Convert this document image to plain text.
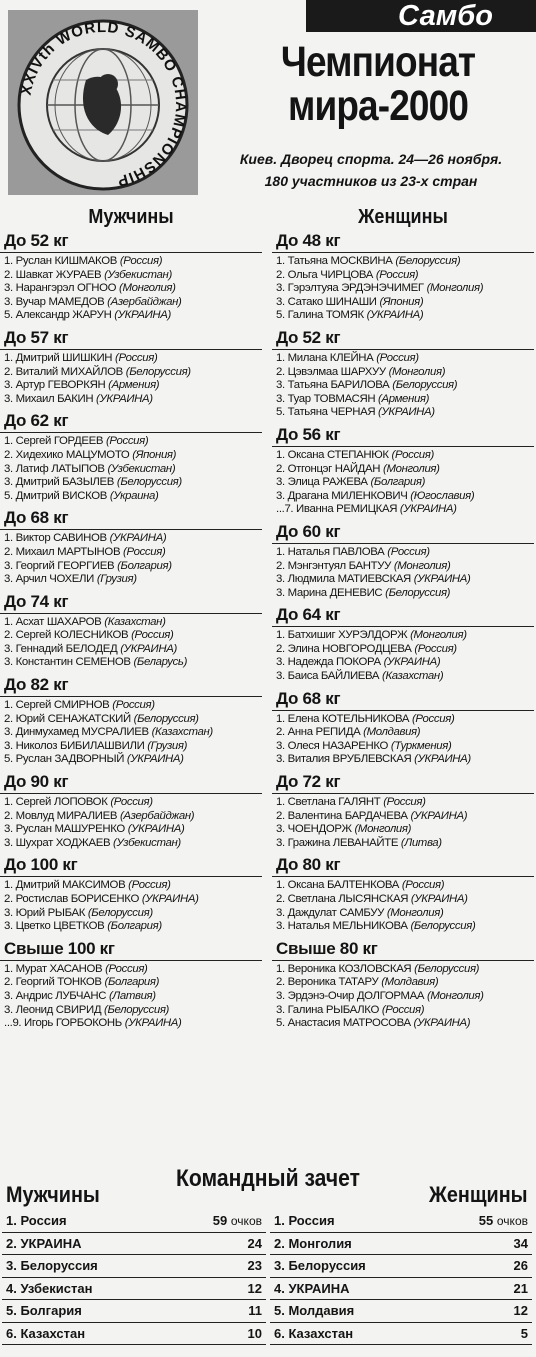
Самбо
XXIVth WORLD SAMBO CHAMPIONSHIP
Чемпионат
мира-2000
Киев. Дворец спорта. 24—26 ноября.
180 участников из 23-х стран
Мужчины
До 52 кг
1. Руслан КИШМАКОВ (Россия)
2. Шавкат ЖУРАЕВ (Узбекистан)
3. Нарангэрэл ОГНОО (Монголия)
3. Вучар МАМЕДОВ (Азербайджан)
5. Александр ЖАРУН (УКРАИНА)
До 57 кг
1. Дмитрий ШИШКИН (Россия)
2. Виталий МИХАЙЛОВ (Белоруссия)
3. Артур ГЕВОРКЯН (Армения)
3. Михаил БАКИН (УКРАИНА)
До 62 кг
1. Сергей ГОРДЕЕВ (Россия)
2. Хидехико МАЦУМОТО (Япония)
3. Латиф ЛАТЫПОВ (Узбекистан)
3. Дмитрий БАЗЫЛЕВ (Белоруссия)
5. Дмитрий ВИСКОВ (Украина)
До 68 кг
1. Виктор САВИНОВ (УКРАИНА)
2. Михаил МАРТЫНОВ (Россия)
3. Георгий ГЕОРГИЕВ (Болгария)
3. Арчил ЧОХЕЛИ (Грузия)
До 74 кг
1. Асхат ШАХАРОВ (Казахстан)
2. Сергей КОЛЕСНИКОВ (Россия)
3. Геннадий БЕЛОДЕД (УКРАИНА)
3. Константин СЕМЕНОВ (Беларусь)
До 82 кг
1. Сергей СМИРНОВ (Россия)
2. Юрий СЕНАЖАТСКИЙ (Белоруссия)
3. Динмухамед МУСРАЛИЕВ (Казахстан)
3. Николоз БИБИЛАШВИЛИ (Грузия)
5. Руслан ЗАДВОРНЫЙ (УКРАИНА)
До 90 кг
1. Сергей ЛОПОВОК (Россия)
2. Мовлуд МИРАЛИЕВ (Азербайджан)
3. Руслан МАШУРЕНКО (УКРАИНА)
3. Шухрат ХОДЖАЕВ (Узбекистан)
До 100 кг
1. Дмитрий МАКСИМОВ (Россия)
2. Ростислав БОРИСЕНКО (УКРАИНА)
3. Юрий РЫБАК (Белоруссия)
3. Цветко ЦВЕТКОВ (Болгария)
Свыше 100 кг
1. Мурат ХАСАНОВ (Россия)
2. Георгий ТОНКОВ (Болгария)
3. Андрис ЛУБЧАНС (Латвия)
3. Леонид СВИРИД (Белоруссия)
...9. Игорь ГОРБОКОНЬ (УКРАИНА)
Женщины
До 48 кг
1. Татьяна МОСКВИНА (Белоруссия)
2. Ольга ЧИРЦОВА (Россия)
3. Гэрэлтуяа ЭРДЭНЭЧИМЕГ (Монголия)
3. Сатако ШИНАШИ (Япония)
5. Галина ТОМЯК (УКРАИНА)
До 52 кг
1. Милана КЛЕЙНА (Россия)
2. Цэвэлмаа ШАРХУУ (Монголия)
3. Татьяна БАРИЛОВА (Белоруссия)
3. Туар ТОВМАСЯН (Армения)
5. Татьяна ЧЕРНАЯ (УКРАИНА)
До 56 кг
1. Оксана СТЕПАНЮК (Россия)
2. Отгонцэг НАЙДАН (Монголия)
3. Элица РАЖЕВА (Болгария)
3. Драгана МИЛЕНКОВИЧ (Югославия)
...7. Иванна РЕМИЦКАЯ (УКРАИНА)
До 60 кг
1. Наталья ПАВЛОВА (Россия)
2. Мэнгэнтуял БАНТУУ (Монголия)
3. Людмила МАТИЕВСКАЯ (УКРАИНА)
3. Марина ДЕНЕВИС (Белоруссия)
До 64 кг
1. Батхишиг ХУРЭЛДОРЖ (Монголия)
2. Элина НОВГОРОДЦЕВА (Россия)
3. Надежда ПОКОРА (УКРАИНА)
3. Баиса БАЙЛИЕВА (Казахстан)
До 68 кг
1. Елена КОТЕЛЬНИКОВА (Россия)
2. Анна РЕПИДА (Молдавия)
3. Олеся НАЗАРЕНКО (Туркмения)
3. Виталия ВРУБЛЕВСКАЯ (УКРАИНА)
До 72 кг
1. Светлана ГАЛЯНТ (Россия)
2. Валентина БАРДАЧЕВА (УКРАИНА)
3. ЧОЕНДОРЖ (Монголия)
3. Гражина ЛЕВАНАЙТЕ (Литва)
До 80 кг
1. Оксана БАЛТЕНКОВА (Россия)
2. Светлана ЛЫСЯНСКАЯ (УКРАИНА)
3. Даждулат САМБУУ (Монголия)
3. Наталья МЕЛЬНИКОВА (Белоруссия)
Свыше 80 кг
1. Вероника КОЗЛОВСКАЯ (Белоруссия)
2. Вероника ТАТАРУ (Молдавия)
3. Эрдэнэ-Очир ДОЛГОРМАА (Монголия)
3. Галина РЫБАЛКО (Россия)
5. Анастасия МАТРОСОВА (УКРАИНА)
Командный зачет
Мужчины	Женщины
1. Россия	59 очков
2. УКРАИНА	24
3. Белоруссия	23
4. Узбекистан	12
5. Болгария	11
6. Казахстан	10
1. Россия	55 очков
2. Монголия	34
3. Белоруссия	26
4. УКРАИНА	21
5. Молдавия	12
6. Казахстан	5
